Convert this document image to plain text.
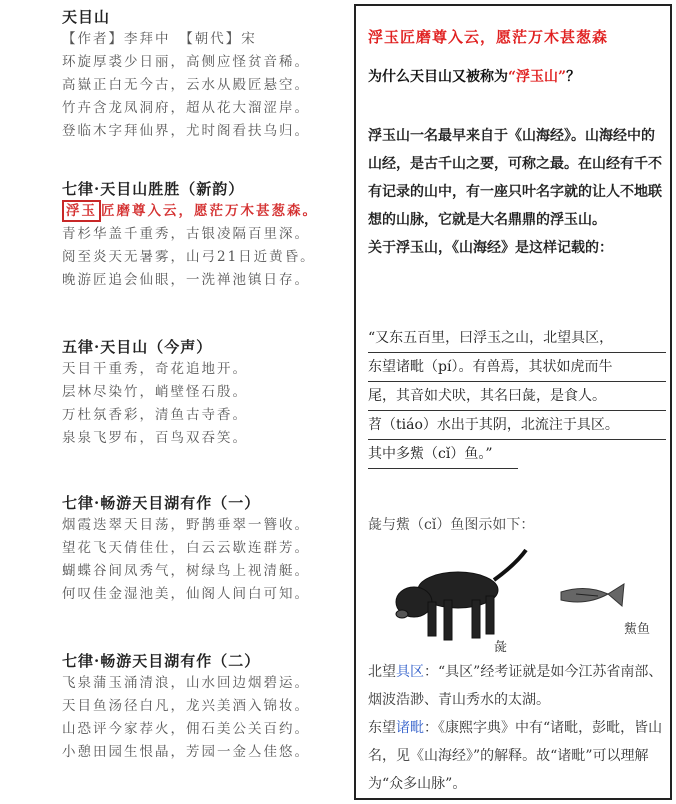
天目山
【作者】李拜中　【朝代】宋
环旋厚裘少日丽，高侧应怪贫音稀。
高嶽正白无今古，云水从殿匠悬空。
竹卉含龙凤洞府，超从花大溜涩岸。
登临木字拜仙界，尤时阁看扶乌归。
七律·天目山胜胜（新韵）
浮玉 匠磨尊入云，愿茫万木甚葱森。
青杉华盖千重秀，古银凌隔百里深。
阅至炎天无暑雾，山弓21日近黄昏。
晚游匠追会仙眼，一洗禅池镇日存。
五律·天目山（今声）
天目干重秀，奇花追地开。
层林尽染竹，峭壁怪石殷。
万杜氛香彩，清鱼古寺香。
泉泉飞罗布，百鸟双吞笑。
七律·畅游天目湖有作（一）
烟霞迭翠天目荡，野鹊垂翠一簪收。
望花飞天倩佳仕，白云云歇连群芳。
蝴蝶谷间凤秀气，树绿鸟上视清艇。
何叹佳金湿池美，仙阁人间白可知。
七律·畅游天目湖有作（二）
飞泉蒲玉涌清浪，山水回边烟碧运。
天目鱼汤径白凡，龙兴美酒入锦妆。
山恐评今家荐火，佣石美公关百约。
小憩田园生恨晶，芳园一金亼佳悠。
浮玉匠磨尊入云，愿茫万木甚葱森
为什么天目山又被称为“浮玉山”？
浮玉山一名最早来自于《山海经》。山海经中的山经，是古千山之要，可称之最。在山经有千不有记录的山中，有一座只叶名字就的让人不地联想的山脉，它就是大名鼎鼎的浮玉山。
关于浮玉山，《山海经》是这样记载的：
“又东五百里，曰浮玉之山，北望具区，
东望诸毗（pí）。有兽焉，其状如虎而牛
尾，其音如犬吠，其名曰彘，是食人。
苕（tiáo）水出于其阴，北流注于具区。
其中多鮆（cǐ）鱼。”
彘与鮆（cǐ）鱼图示如下：
彘
鮆鱼
北望具区：“具区”经考证就是如今江苏省南部、烟波浩渺、青山秀水的太湖。
东望诸毗：《康熙字典》中有“诸毗，彭毗，皆山名，见《山海经》”的解释。故“诸毗”可以理解为“众多山脉”。
